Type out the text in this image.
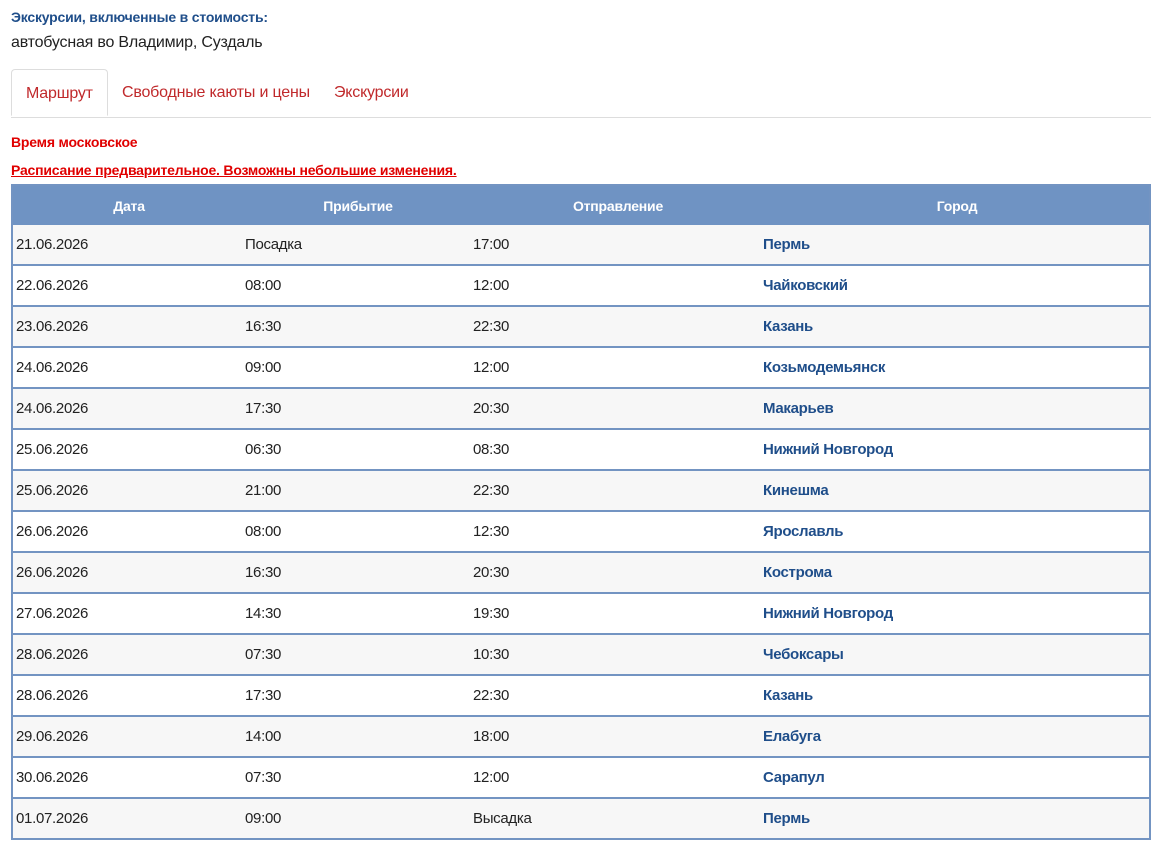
Экскурсии, включенные в стоимость:
автобусная во Владимир, Суздаль
Маршрут	Свободные каюты и цены Экскурсии
Время московское
Расписание предварительное. Возможны небольшие изменения.
Дата	Прибытие	Отправление	Город
21.06.2026	Посадка	17:00	Пермь
22.06.2026	08:00	12:00	Чайковский
23.06.2026	16:30	22:30	Казань
24.06.2026	09:00	12:00	Козьмодемьянск
24.06.2026	17:30	20:30	Макарьев
25.06.2026	06:30	08:30	Нижний Новгород
25.06.2026	21:00	22:30	Кинешма
26.06.2026	08:00	12:30	Ярославль
26.06.2026	16:30	20:30	Кострома
27.06.2026	14:30	19:30	Нижний Новгород
28.06.2026	07:30	10:30	Чебоксары
28.06.2026	17:30	22:30	Казань
29.06.2026	14:00	18:00	Елабуга
30.06.2026	07:30	12:00	Сарапул
01.07.2026	09:00	Высадка	Пермь
